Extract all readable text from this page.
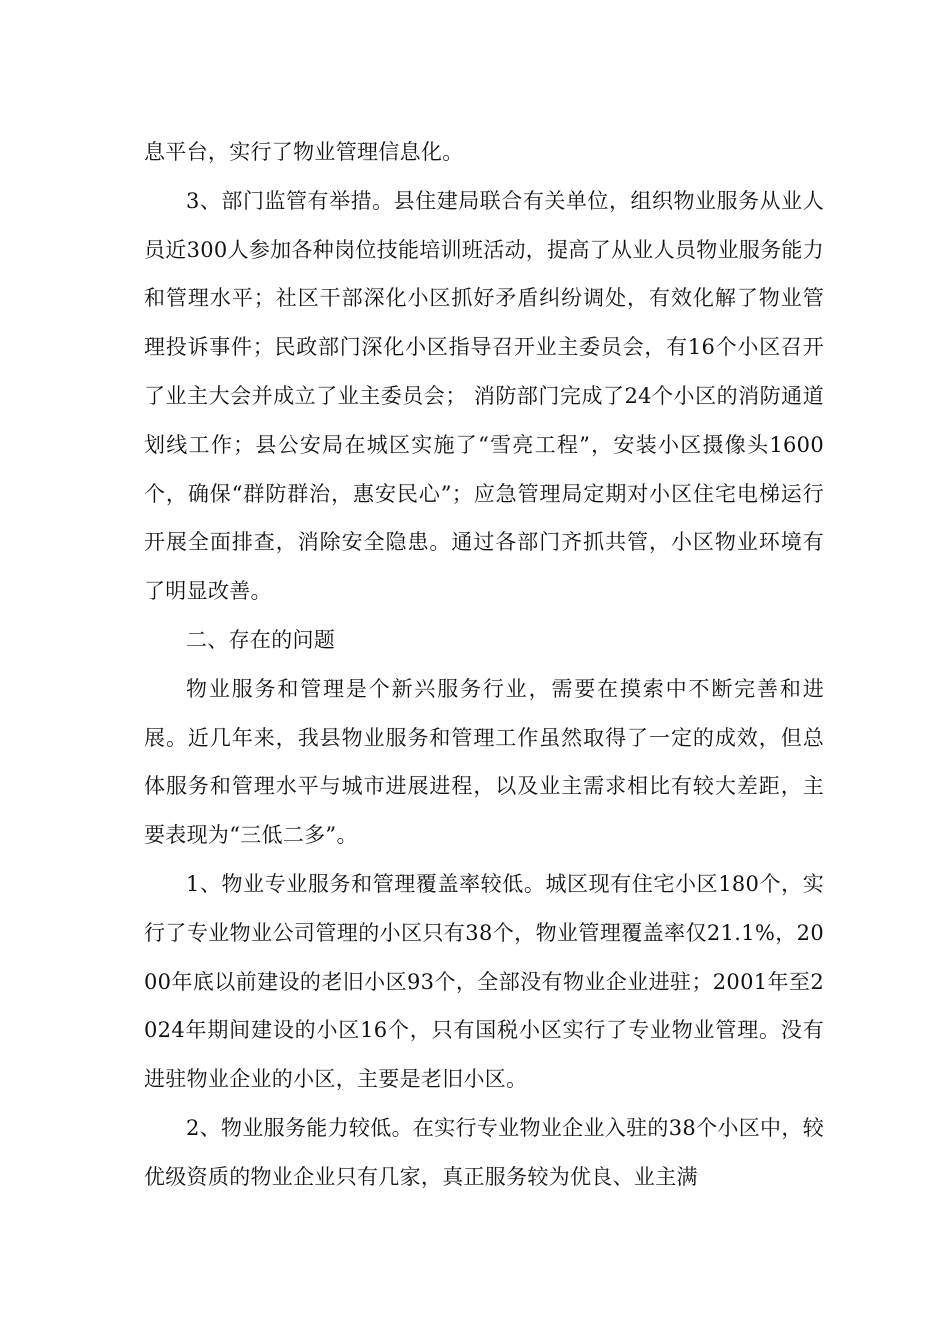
息平台，实行了物业管理信息化。

3、部门监管有举措。县住建局联合有关单位，组织物业服务从业人员近300人参加各种岗位技能培训班活动，提高了从业人员物业服务能力和管理水平；社区干部深化小区抓好矛盾纠纷调处，有效化解了物业管理投诉事件；民政部门深化小区指导召开业主委员会，有16个小区召开了业主大会并成立了业主委员会； 消防部门完成了24个小区的消防通道划线工作；县公安局在城区实施了“雪亮工程”，安装小区摄像头1600个，确保“群防群治，惠安民心”；应急管理局定期对小区住宅电梯运行开展全面排查，消除安全隐患。通过各部门齐抓共管，小区物业环境有了明显改善。

二、存在的问题

物业服务和管理是个新兴服务行业，需要在摸索中不断完善和进展。近几年来，我县物业服务和管理工作虽然取得了一定的成效，但总体服务和管理水平与城市进展进程，以及业主需求相比有较大差距，主要表现为“三低二多”。

1、物业专业服务和管理覆盖率较低。城区现有住宅小区180个，实行了专业物业公司管理的小区只有38个，物业管理覆盖率仅21.1%，2000年底以前建设的老旧小区93个，全部没有物业企业进驻；2001年至2024年期间建设的小区16个，只有国税小区实行了专业物业管理。没有进驻物业企业的小区，主要是老旧小区。

2、物业服务能力较低。在实行专业物业企业入驻的38个小区中，较优级资质的物业企业只有几家，真正服务较为优良、业主满
